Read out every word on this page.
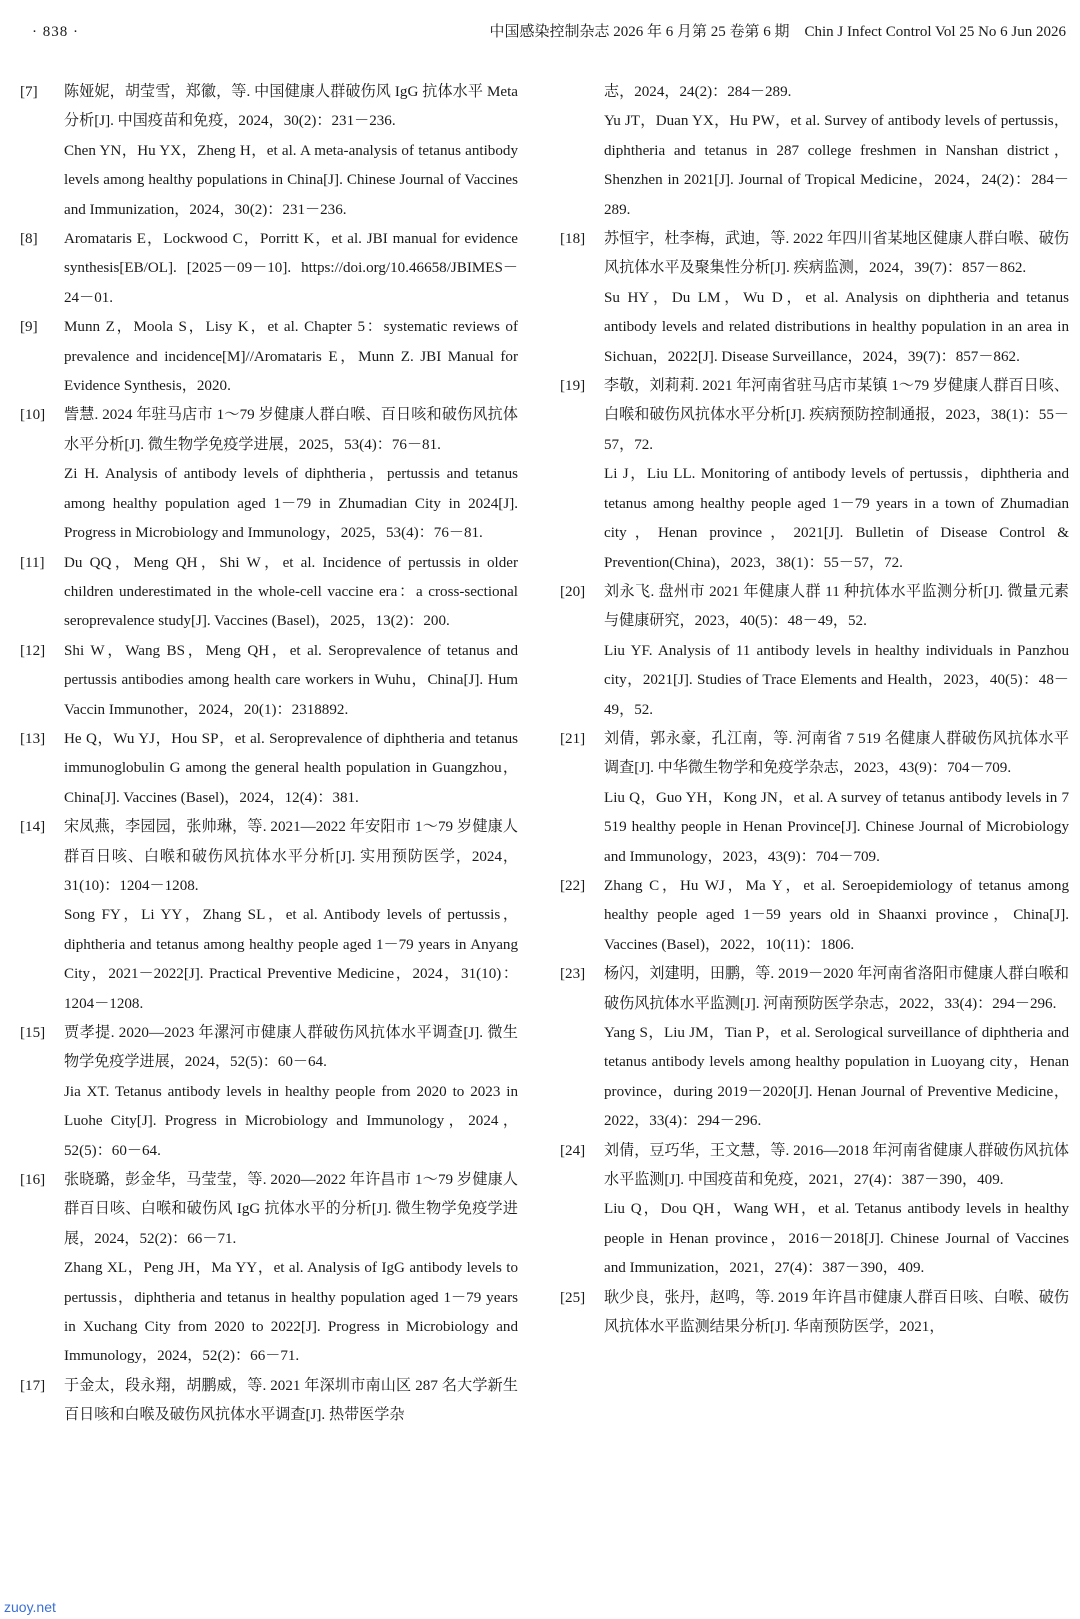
· 838 ·	中国感染控制杂志 2026 年 6 月第 25 卷第 6 期　Chin J Infect Control Vol 25 No 6 Jun 2026
[7] 陈娅妮，胡莹雪，郑徽，等. 中国健康人群破伤风 IgG 抗体水平 Meta 分析[J]. 中国疫苗和免疫，2024，30(2)：231－236.

Chen YN，Hu YX，Zheng H，et al. A meta-analysis of tetanus antibody levels among healthy populations in China[J]. Chinese Journal of Vaccines and Immunization，2024，30(2)：231－236.

[8] Aromataris E，Lockwood C，Porritt K，et al. JBI manual for evidence synthesis[EB/OL]. [2025－09－10]. https://doi.org/10.46658/JBIMES－24－01.

[9] Munn Z，Moola S，Lisy K，et al. Chapter 5：systematic reviews of prevalence and incidence[M]//Aromataris E，Munn Z. JBI Manual for Evidence Synthesis，2020.

[10] 訾慧. 2024 年驻马店市 1～79 岁健康人群白喉、百日咳和破伤风抗体水平分析[J]. 微生物学免疫学进展，2025，53(4)：76－81.

Zi H. Analysis of antibody levels of diphtheria，pertussis and tetanus among healthy population aged 1－79 in Zhumadian City in 2024[J]. Progress in Microbiology and Immunology，2025，53(4)：76－81.

[11] Du QQ，Meng QH，Shi W，et al. Incidence of pertussis in older children underestimated in the whole-cell vaccine era：a cross-sectional seroprevalence study[J]. Vaccines (Basel)，2025，13(2)：200.

[12] Shi W，Wang BS，Meng QH，et al. Seroprevalence of tetanus and pertussis antibodies among health care workers in Wuhu，China[J]. Hum Vaccin Immunother，2024，20(1)：2318892.

[13] He Q，Wu YJ，Hou SP，et al. Seroprevalence of diphtheria and tetanus immunoglobulin G among the general health population in Guangzhou，China[J]. Vaccines (Basel)，2024，12(4)：381.

[14] 宋凤燕，李园园，张帅琳，等. 2021—2022 年安阳市 1～79 岁健康人群百日咳、白喉和破伤风抗体水平分析[J]. 实用预防医学，2024，31(10)：1204－1208.

Song FY，Li YY，Zhang SL，et al. Antibody levels of pertussis，diphtheria and tetanus among healthy people aged 1－79 years in Anyang City，2021－2022[J]. Practical Preventive Medicine，2024，31(10)：1204－1208.

[15] 贾孝提. 2020—2023 年漯河市健康人群破伤风抗体水平调查[J]. 微生物学免疫学进展，2024，52(5)：60－64.

Jia XT. Tetanus antibody levels in healthy people from 2020 to 2023 in Luohe City[J]. Progress in Microbiology and Immunology，2024，52(5)：60－64.

[16] 张晓璐，彭金华，马莹莹，等. 2020—2022 年许昌市 1～79 岁健康人群百日咳、白喉和破伤风 IgG 抗体水平的分析[J]. 微生物学免疫学进展，2024，52(2)：66－71.

Zhang XL，Peng JH，Ma YY，et al. Analysis of IgG antibody levels to pertussis，diphtheria and tetanus in healthy population aged 1－79 years in Xuchang City from 2020 to 2022[J]. Progress in Microbiology and Immunology，2024，52(2)：66－71.

[17] 于金太，段永翔，胡鹏威，等. 2021 年深圳市南山区 287 名大学新生百日咳和白喉及破伤风抗体水平调查[J]. 热带医学杂

志，2024，24(2)：284－289.

Yu JT，Duan YX，Hu PW，et al. Survey of antibody levels of pertussis，diphtheria and tetanus in 287 college freshmen in Nanshan district，Shenzhen in 2021[J]. Journal of Tropical Medicine，2024，24(2)：284－289.

[18] 苏恒宇，杜李梅，武迪，等. 2022 年四川省某地区健康人群白喉、破伤风抗体水平及聚集性分析[J]. 疾病监测，2024，39(7)：857－862.

Su HY，Du LM，Wu D，et al. Analysis on diphtheria and tetanus antibody levels and related distributions in healthy population in an area in Sichuan，2022[J]. Disease Surveillance，2024，39(7)：857－862.

[19] 李敬，刘莉莉. 2021 年河南省驻马店市某镇 1～79 岁健康人群百日咳、白喉和破伤风抗体水平分析[J]. 疾病预防控制通报，2023，38(1)：55－57，72.

Li J，Liu LL. Monitoring of antibody levels of pertussis，diphtheria and tetanus among healthy people aged 1－79 years in a town of Zhumadian city，Henan province，2021[J]. Bulletin of Disease Control & Prevention(China)，2023，38(1)：55－57，72.

[20] 刘永飞. 盘州市 2021 年健康人群 11 种抗体水平监测分析[J]. 微量元素与健康研究，2023，40(5)：48－49，52.

Liu YF. Analysis of 11 antibody levels in healthy individuals in Panzhou city，2021[J]. Studies of Trace Elements and Health，2023，40(5)：48－49，52.

[21] 刘倩，郭永豪，孔江南，等. 河南省 7 519 名健康人群破伤风抗体水平调查[J]. 中华微生物学和免疫学杂志，2023，43(9)：704－709.

Liu Q，Guo YH，Kong JN，et al. A survey of tetanus antibody levels in 7 519 healthy people in Henan Province[J]. Chinese Journal of Microbiology and Immunology，2023，43(9)：704－709.

[22] Zhang C，Hu WJ，Ma Y，et al. Seroepidemiology of tetanus among healthy people aged 1－59 years old in Shaanxi province，China[J]. Vaccines (Basel)，2022，10(11)：1806.

[23] 杨闪，刘建明，田鹏，等. 2019－2020 年河南省洛阳市健康人群白喉和破伤风抗体水平监测[J]. 河南预防医学杂志，2022，33(4)：294－296.

Yang S，Liu JM，Tian P，et al. Serological surveillance of diphtheria and tetanus antibody levels among healthy population in Luoyang city，Henan province，during 2019－2020[J]. Henan Journal of Preventive Medicine，2022，33(4)：294－296.

[24] 刘倩，豆巧华，王文慧，等. 2016—2018 年河南省健康人群破伤风抗体水平监测[J]. 中国疫苗和免疫，2021，27(4)：387－390，409.

Liu Q，Dou QH，Wang WH，et al. Tetanus antibody levels in healthy people in Henan province，2016－2018[J]. Chinese Journal of Vaccines and Immunization，2021，27(4)：387－390，409.

[25] 耿少良，张丹，赵鸣，等. 2019 年许昌市健康人群百日咳、白喉、破伤风抗体水平监测结果分析[J]. 华南预防医学，2021，

zuoy.net
